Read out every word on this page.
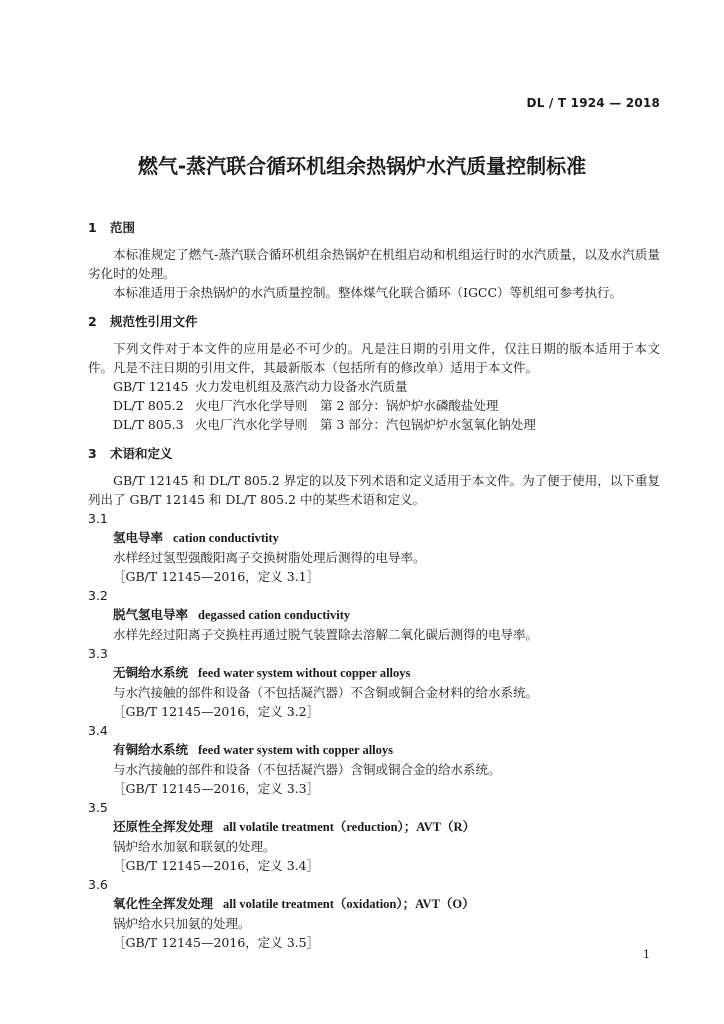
DL / T 1924 — 2018
燃气-蒸汽联合循环机组余热锅炉水汽质量控制标准

1 范围

本标准规定了燃气-蒸汽联合循环机组余热锅炉在机组启动和机组运行时的水汽质量，以及水汽质量劣化时的处理。

本标准适用于余热锅炉的水汽质量控制。整体煤气化联合循环（IGCC）等机组可参考执行。

2 规范性引用文件

下列文件对于本文件的应用是必不可少的。凡是注日期的引用文件，仅注日期的版本适用于本文件。凡是不注日期的引用文件，其最新版本（包括所有的修改单）适用于本文件。

GB/T 12145 火力发电机组及蒸汽动力设备水汽质量

DL/T 805.2 火电厂汽水化学导则　第 2 部分：锅炉炉水磷酸盐处理

DL/T 805.3 火电厂汽水化学导则　第 3 部分：汽包锅炉炉水氢氧化钠处理

3 术语和定义

GB/T 12145 和 DL/T 805.2 界定的以及下列术语和定义适用于本文件。为了便于使用，以下重复列出了 GB/T 12145 和 DL/T 805.2 中的某些术语和定义。

3.1

氢电导率 cation conductivtity

水样经过氢型强酸阳离子交换树脂处理后测得的电导率。

［GB/T 12145—2016，定义 3.1］

3.2

脱气氢电导率 degassed cation conductivity

水样先经过阳离子交换柱再通过脱气装置除去溶解二氧化碳后测得的电导率。

3.3

无铜给水系统 feed water system without copper alloys

与水汽接触的部件和设备（不包括凝汽器）不含铜或铜合金材料的给水系统。

［GB/T 12145—2016，定义 3.2］

3.4

有铜给水系统 feed water system with copper alloys

与水汽接触的部件和设备（不包括凝汽器）含铜或铜合金的给水系统。

［GB/T 12145—2016，定义 3.3］

3.5

还原性全挥发处理 all volatile treatment（reduction）；AVT（R）

锅炉给水加氨和联氨的处理。

［GB/T 12145—2016，定义 3.4］

3.6

氧化性全挥发处理 all volatile treatment（oxidation）；AVT（O）

锅炉给水只加氨的处理。

［GB/T 12145—2016，定义 3.5］

1
